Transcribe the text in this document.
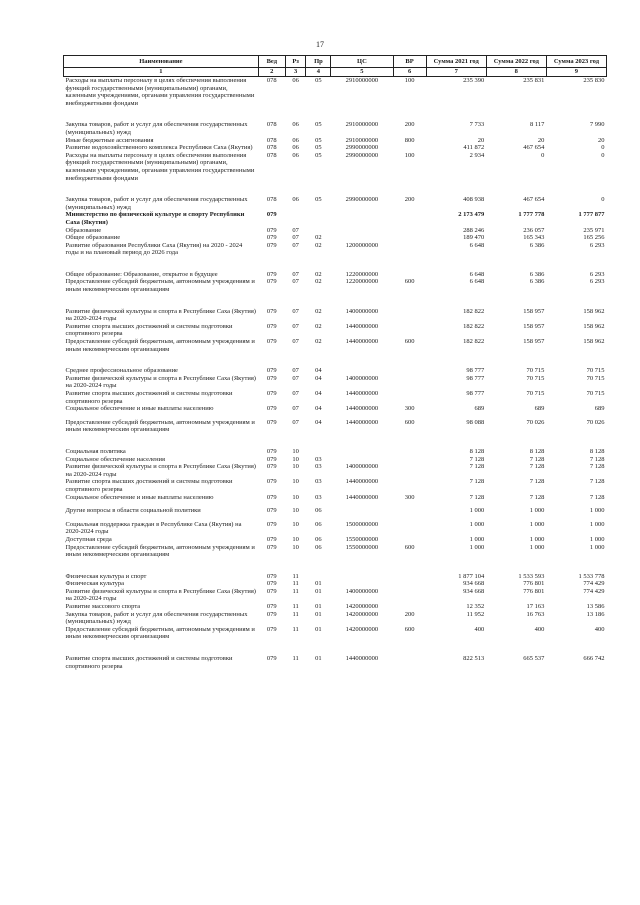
17
Наименование	Вед	Рз	Пр	ЦС	ВР	Сумма 2021 год	Сумма 2022 год	Сумма 2023 год
1	2	3	4	5	6	7	8	9
Расходы на выплаты персоналу в целях обеспечения выполнения функций государственными (муниципальными) органами, казенными учреждениями, органами управления государственными внебюджетными фондами	078	06	05	2910000000	100	235 390	235 831	235 830

Закупка товаров, работ и услуг для обеспечения государственных (муниципальных) нужд	078	06	05	2910000000	200	7 733	8 117	7 990
Иные бюджетные ассигнования	078	06	05	2910000000	800	20	20	20
Развитие водохозяйственного комплекса Республики Саха (Якутия)	078	06	05	2990000000		411 872	467 654	0
Расходы на выплаты персоналу в целях обеспечения выполнения функций государственными (муниципальными) органами, казенными учреждениями, органами управления государственными внебюджетными фондами	078	06	05	2990000000	100	2 934	0	0

Закупка товаров, работ и услуг для обеспечения государственных (муниципальных) нужд	078	06	05	2990000000	200	408 938	467 654	0
Министерство по физической культуре и спорту Республики Саха (Якутия)	079					2 173 479	1 777 778	1 777 877
Образование	079	07				288 246	236 057	235 971
Общее образование	079	07	02			189 470	165 343	165 256
Развитие образования Республики Саха (Якутия) на 2020 - 2024 годы и на плановый период до 2026 года	079	07	02	1200000000		6 648	6 386	6 293

Общее образование: Образование, открытое в будущее	079	07	02	1220000000		6 648	6 386	6 293
Предоставление субсидий бюджетным, автономным учреждениям и иным некоммерческим организациям	079	07	02	1220000000	600	6 648	6 386	6 293

Развитие физической культуры и спорта в Республике Саха (Якутия) на 2020-2024 годы	079	07	02	1400000000		182 822	158 957	158 962
Развитие спорта высших достижений и системы подготовки спортивного резерва	079	07	02	1440000000		182 822	158 957	158 962
Предоставление субсидий бюджетным, автономным учреждениям и иным некоммерческим организациям	079	07	02	1440000000	600	182 822	158 957	158 962

Среднее профессиональное образование	079	07	04			98 777	70 715	70 715
Развитие физической культуры и спорта в Республике Саха (Якутия) на 2020-2024 годы	079	07	04	1400000000		98 777	70 715	70 715
Развитие спорта высших достижений и системы подготовки спортивного резерва	079	07	04	1440000000		98 777	70 715	70 715
Социальное обеспечение и иные выплаты населению	079	07	04	1440000000	300	689	689	689

Предоставление субсидий бюджетным, автономным учреждениям и иным некоммерческим организациям	079	07	04	1440000000	600	98 088	70 026	70 026

Социальная политика	079	10				8 128	8 128	8 128
Социальное обеспечение населения	079	10	03			7 128	7 128	7 128
Развитие физической культуры и спорта в Республике Саха (Якутия) на 2020-2024 годы	079	10	03	1400000000		7 128	7 128	7 128
Развитие спорта высших достижений и системы подготовки спортивного резерва	079	10	03	1440000000		7 128	7 128	7 128
Социальное обеспечение и иные выплаты населению	079	10	03	1440000000	300	7 128	7 128	7 128

Другие вопросы в области социальной политики	079	10	06			1 000	1 000	1 000

Социальная поддержка граждан в Республике Саха (Якутия) на 2020-2024 годы	079	10	06	1500000000		1 000	1 000	1 000
Доступная среда	079	10	06	1550000000		1 000	1 000	1 000
Предоставление субсидий бюджетным, автономным учреждениям и иным некоммерческим организациям	079	10	06	1550000000	600	1 000	1 000	1 000

Физическая культура и спорт	079	11				1 877 104	1 533 593	1 533 778
Физическая культура	079	11	01			934 668	776 801	774 429
Развитие физической культуры и спорта в Республике Саха (Якутия) на 2020-2024 годы	079	11	01	1400000000		934 668	776 801	774 429
Развитие массового спорта	079	11	01	1420000000		12 352	17 163	13 586
Закупка товаров, работ и услуг для обеспечения государственных (муниципальных) нужд	079	11	01	1420000000	200	11 952	16 763	13 186
Предоставление субсидий бюджетным, автономным учреждениям и иным некоммерческим организациям	079	11	01	1420000000	600	400	400	400

Развитие спорта высших достижений и системы подготовки спортивного резерва	079	11	01	1440000000		822 513	665 537	666 742
